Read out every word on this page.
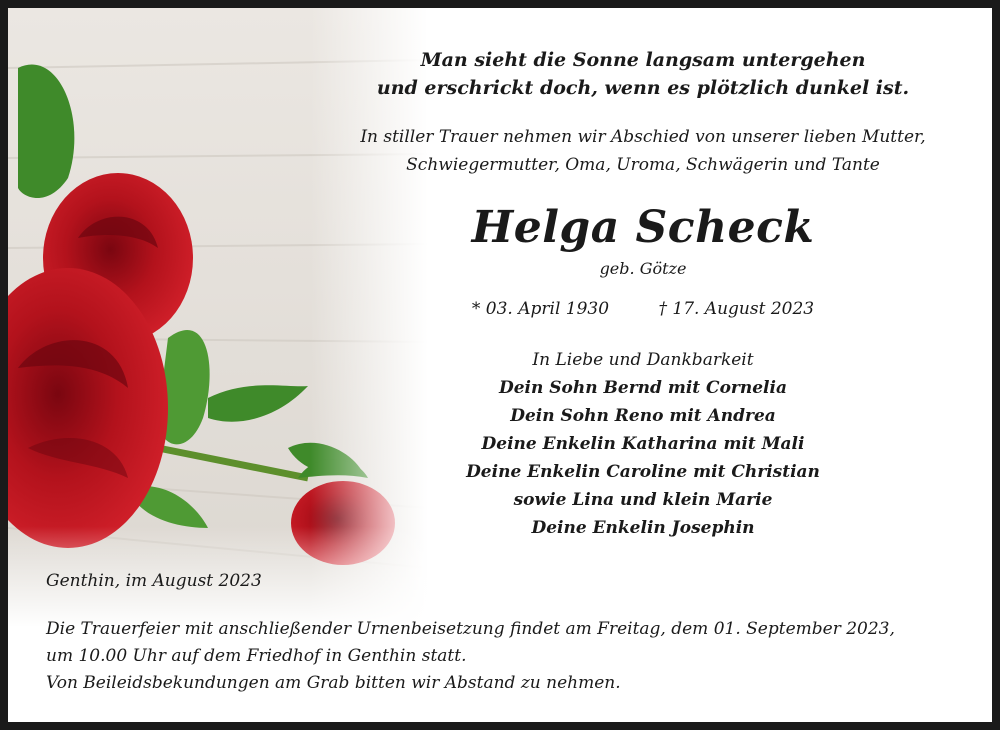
Man sieht die Sonne langsam untergehen
und erschrickt doch, wenn es plötzlich dunkel ist.
In stiller Trauer nehmen wir Abschied von unserer lieben Mutter,
Schwiegermutter, Oma, Uroma, Schwägerin und Tante
Helga Scheck
geb. Götze
* 03. April 1930	† 17. August 2023
In Liebe und Dankbarkeit
Dein Sohn Bernd mit Cornelia
Dein Sohn Reno mit Andrea
Deine Enkelin Katharina mit Mali
Deine Enkelin Caroline mit Christian
sowie Lina und klein Marie
Deine Enkelin Josephin
Genthin, im August 2023
Die Trauerfeier mit anschließender Urnenbeisetzung findet am Freitag, dem 01. September 2023,
um 10.00 Uhr auf dem Friedhof in Genthin statt.
Von Beileidsbekundungen am Grab bitten wir Abstand zu nehmen.
